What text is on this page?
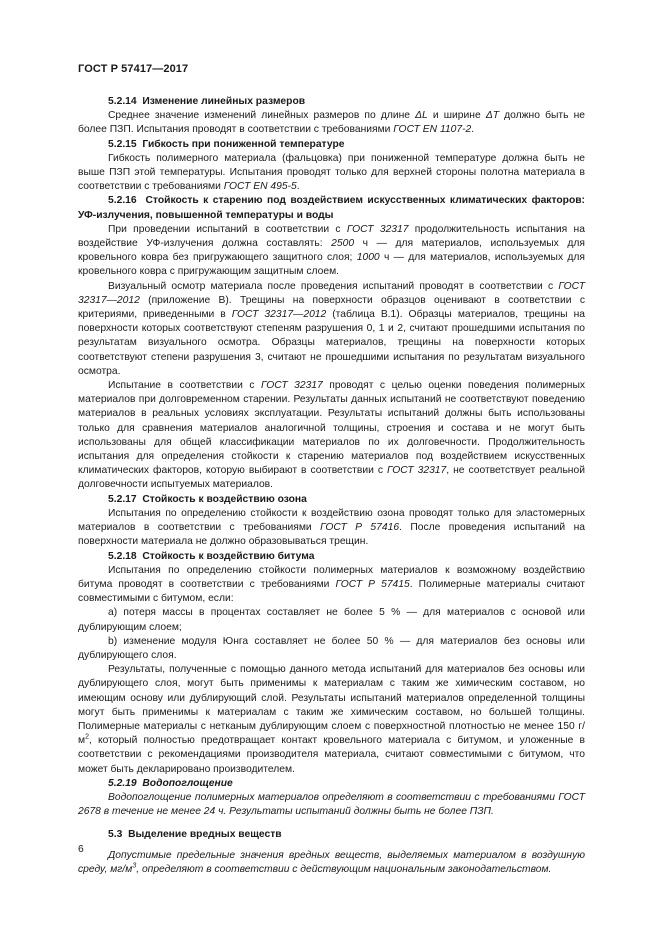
ГОСТ Р 57417—2017

5.2.14 Изменение линейных размеров

Среднее значение изменений линейных размеров по длине ΔL и ширине ΔT должно быть не более ПЗП. Испытания проводят в соответствии с требованиями ГОСТ EN 1107-2.

5.2.15 Гибкость при пониженной температуре

Гибкость полимерного материала (фальцовка) при пониженной температуре должна быть не выше ПЗП этой температуры. Испытания проводят только для верхней стороны полотна материала в соответствии с требованиями ГОСТ EN 495-5.

5.2.16 Стойкость к старению под воздействием искусственных климатических факторов: УФ-излучения, повышенной температуры и воды

При проведении испытаний в соответствии с ГОСТ 32317 продолжительность испытания на воздействие УФ-излучения должна составлять: 2500 ч — для материалов, используемых для кровельного ковра без пригружающего защитного слоя; 1000 ч — для материалов, используемых для кровельного ковра с пригружающим защитным слоем.

Визуальный осмотр материала после проведения испытаний проводят в соответствии с ГОСТ 32317—2012 (приложение В). Трещины на поверхности образцов оценивают в соответствии с критериями, приведенными в ГОСТ 32317—2012 (таблица В.1). Образцы материалов, трещины на поверхности которых соответствуют степеням разрушения 0, 1 и 2, считают прошедшими испытания по результатам визуального осмотра. Образцы материалов, трещины на поверхности которых соответствуют степени разрушения 3, считают не прошедшими испытания по результатам визуального осмотра.

Испытание в соответствии с ГОСТ 32317 проводят с целью оценки поведения полимерных материалов при долговременном старении. Результаты данных испытаний не соответствуют поведению материалов в реальных условиях эксплуатации. Результаты испытаний должны быть использованы только для сравнения материалов аналогичной толщины, строения и состава и не могут быть использованы для общей классификации материалов по их долговечности. Продолжительность испытания для определения стойкости к старению материалов под воздействием искусственных климатических факторов, которую выбирают в соответствии с ГОСТ 32317, не соответствует реальной долговечности испытуемых материалов.

5.2.17 Стойкость к воздействию озона

Испытания по определению стойкости к воздействию озона проводят только для эластомерных материалов в соответствии с требованиями ГОСТ Р 57416. После проведения испытаний на поверхности материала не должно образовываться трещин.

5.2.18 Стойкость к воздействию битума

Испытания по определению стойкости полимерных материалов к возможному воздействию битума проводят в соответствии с требованиями ГОСТ Р 57415. Полимерные материалы считают совместимыми с битумом, если:

a) потеря массы в процентах составляет не более 5 % — для материалов с основой или дублирующим слоем;

b) изменение модуля Юнга составляет не более 50 % — для материалов без основы или дублирующего слоя.

Результаты, полученные с помощью данного метода испытаний для материалов без основы или дублирующего слоя, могут быть применимы к материалам с таким же химическим составом, но имеющим основу или дублирующий слой. Результаты испытаний материалов определенной толщины могут быть применимы к материалам с таким же химическим составом, но большей толщины. Полимерные материалы с нетканым дублирующим слоем с поверхностной плотностью не менее 150 $г/м^2$, который полностью предотвращает контакт кровельного материала с битумом, и уложенные в соответствии с рекомендациями производителя материала, считают совместимыми с битумом, что может быть декларировано производителем.

5.2.19 Водопоглощение

Водопоглощение полимерных материалов определяют в соответствии с требованиями ГОСТ 2678 в течение не менее 24 ч. Результаты испытаний должны быть не более ПЗП.

5.3 Выделение вредных веществ

Допустимые предельные значения вредных веществ, выделяемых материалом в воздушную среду, $мг/м^3$, определяют в соответствии с действующим национальным законодательством.

6
